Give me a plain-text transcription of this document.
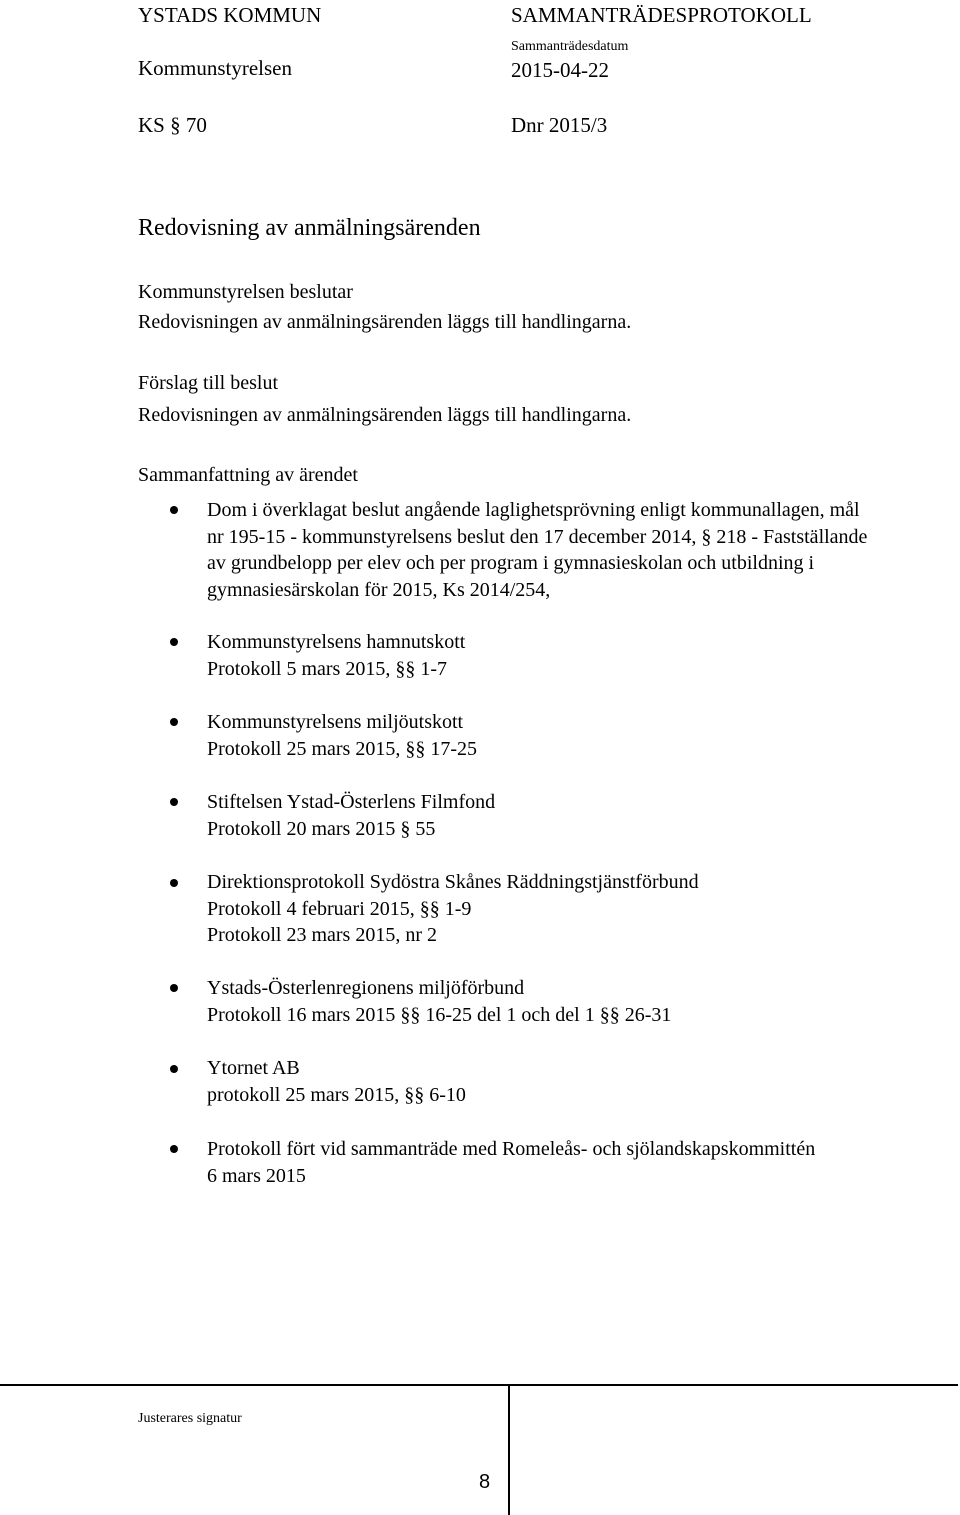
YSTADS KOMMUN	SAMMANTRÄDESPROTOKOLL
Sammanträdesdatum
Kommunstyrelsen	2015-04-22
KS § 70	Dnr 2015/3
Redovisning av anmälningsärenden
Kommunstyrelsen beslutar
Redovisningen av anmälningsärenden läggs till handlingarna.
Förslag till beslut
Redovisningen av anmälningsärenden läggs till handlingarna.
Sammanfattning av ärendet
Dom i överklagat beslut angående laglighetsprövning enligt kommunallagen, mål
nr 195-15 - kommunstyrelsens beslut den 17 december 2014, § 218 - Fastställande
av grundbelopp per elev och per program i gymnasieskolan och utbildning i
gymnasiesärskolan för 2015, Ks 2014/254,
Kommunstyrelsens hamnutskott
Protokoll 5 mars 2015, §§ 1-7
Kommunstyrelsens miljöutskott
Protokoll 25 mars 2015, §§ 17-25
Stiftelsen Ystad-Österlens Filmfond
Protokoll 20 mars 2015 § 55
Direktionsprotokoll Sydöstra Skånes Räddningstjänstförbund
Protokoll 4 februari 2015, §§ 1-9
Protokoll 23 mars 2015, nr 2
Ystads-Österlenregionens miljöförbund
Protokoll 16 mars 2015 §§ 16-25 del 1 och del 1 §§ 26-31
Ytornet AB
protokoll 25 mars 2015, §§ 6-10
Protokoll fört vid sammanträde med Romeleås- och sjölandskapskommittén
6 mars 2015
Justerares signatur
8
